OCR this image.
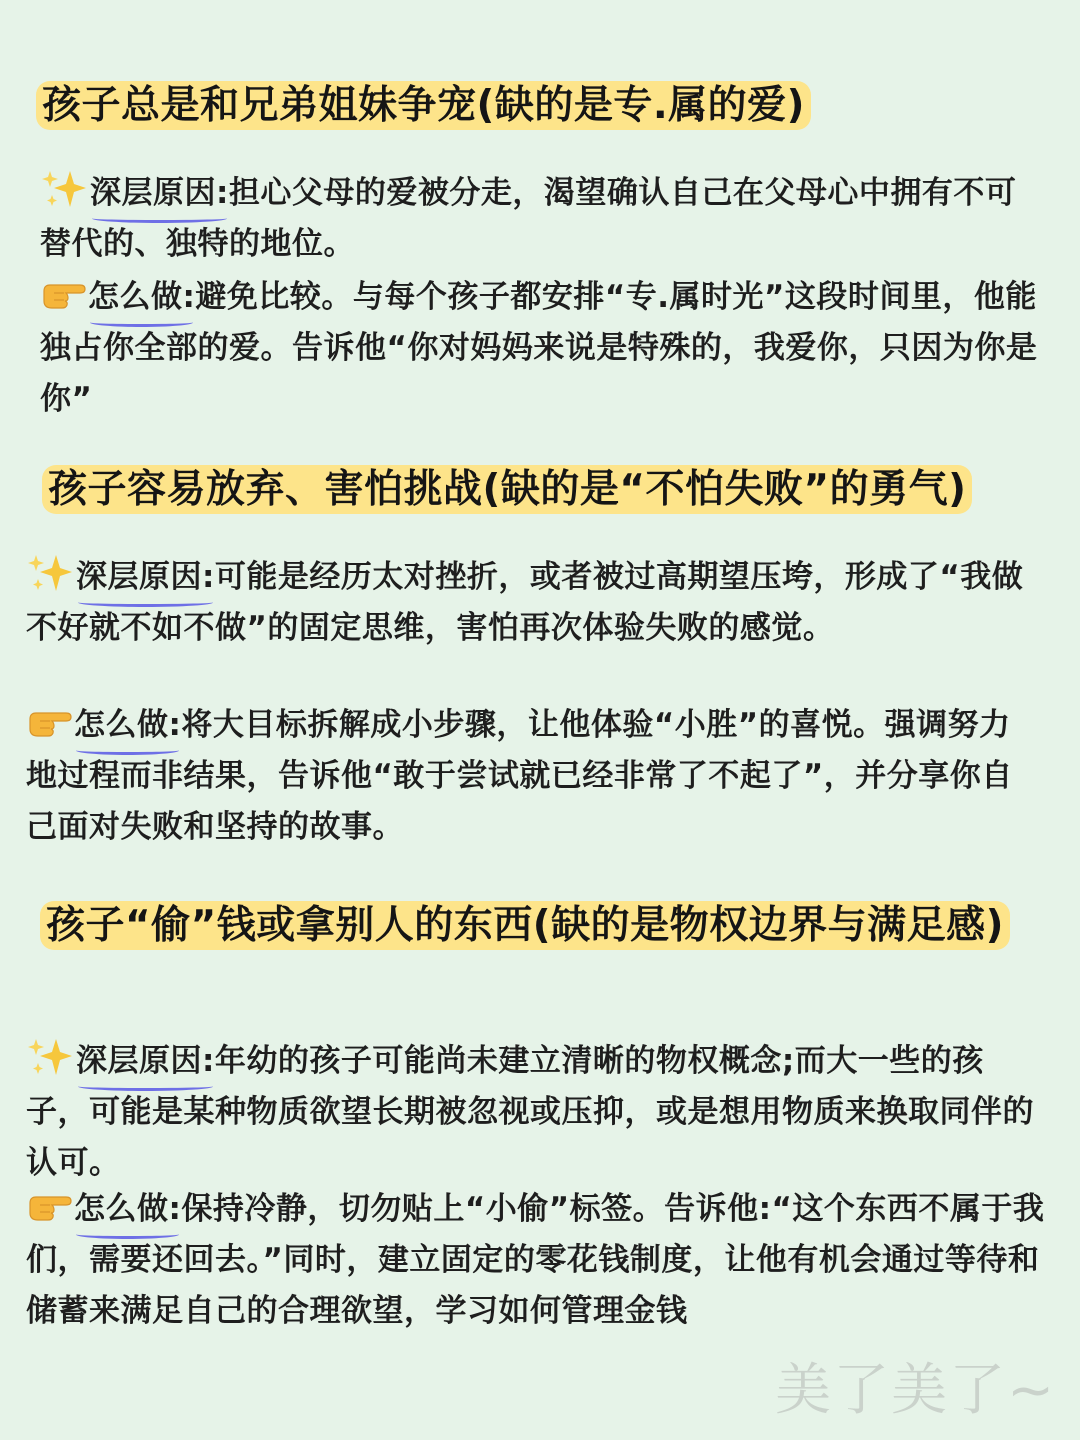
孩子总是和兄弟姐妹争宠(缺的是专.属的爱)
深层原因:担心父母的爱被分走，渴望确认自己在父母心中拥有不可替代的、独特的地位。
怎么做:避免比较。与每个孩子都安排“专.属时光”这段时间里，他能独占你全部的爱。告诉他“你对妈妈来说是特殊的，我爱你，只因为你是你”
孩子容易放弃、害怕挑战(缺的是“不怕失败”的勇气)
深层原因:可能是经历太对挫折，或者被过高期望压垮，形成了“我做不好就不如不做”的固定思维，害怕再次体验失败的感觉。
怎么做:将大目标拆解成小步骤，让他体验“小胜”的喜悦。强调努力地过程而非结果，告诉他“敢于尝试就已经非常了不起了”，并分享你自己面对失败和坚持的故事。
孩子“偷”钱或拿别人的东西(缺的是物权边界与满足感)
深层原因:年幼的孩子可能尚未建立清晰的物权概念;而大一些的孩子，可能是某种物质欲望长期被忽视或压抑，或是想用物质来换取同伴的认可。
怎么做:保持冷静，切勿贴上“小偷”标签。告诉他:“这个东西不属于我们，需要还回去。”同时，建立固定的零花钱制度，让他有机会通过等待和储蓄来满足自己的合理欲望，学习如何管理金钱
美了美了~
